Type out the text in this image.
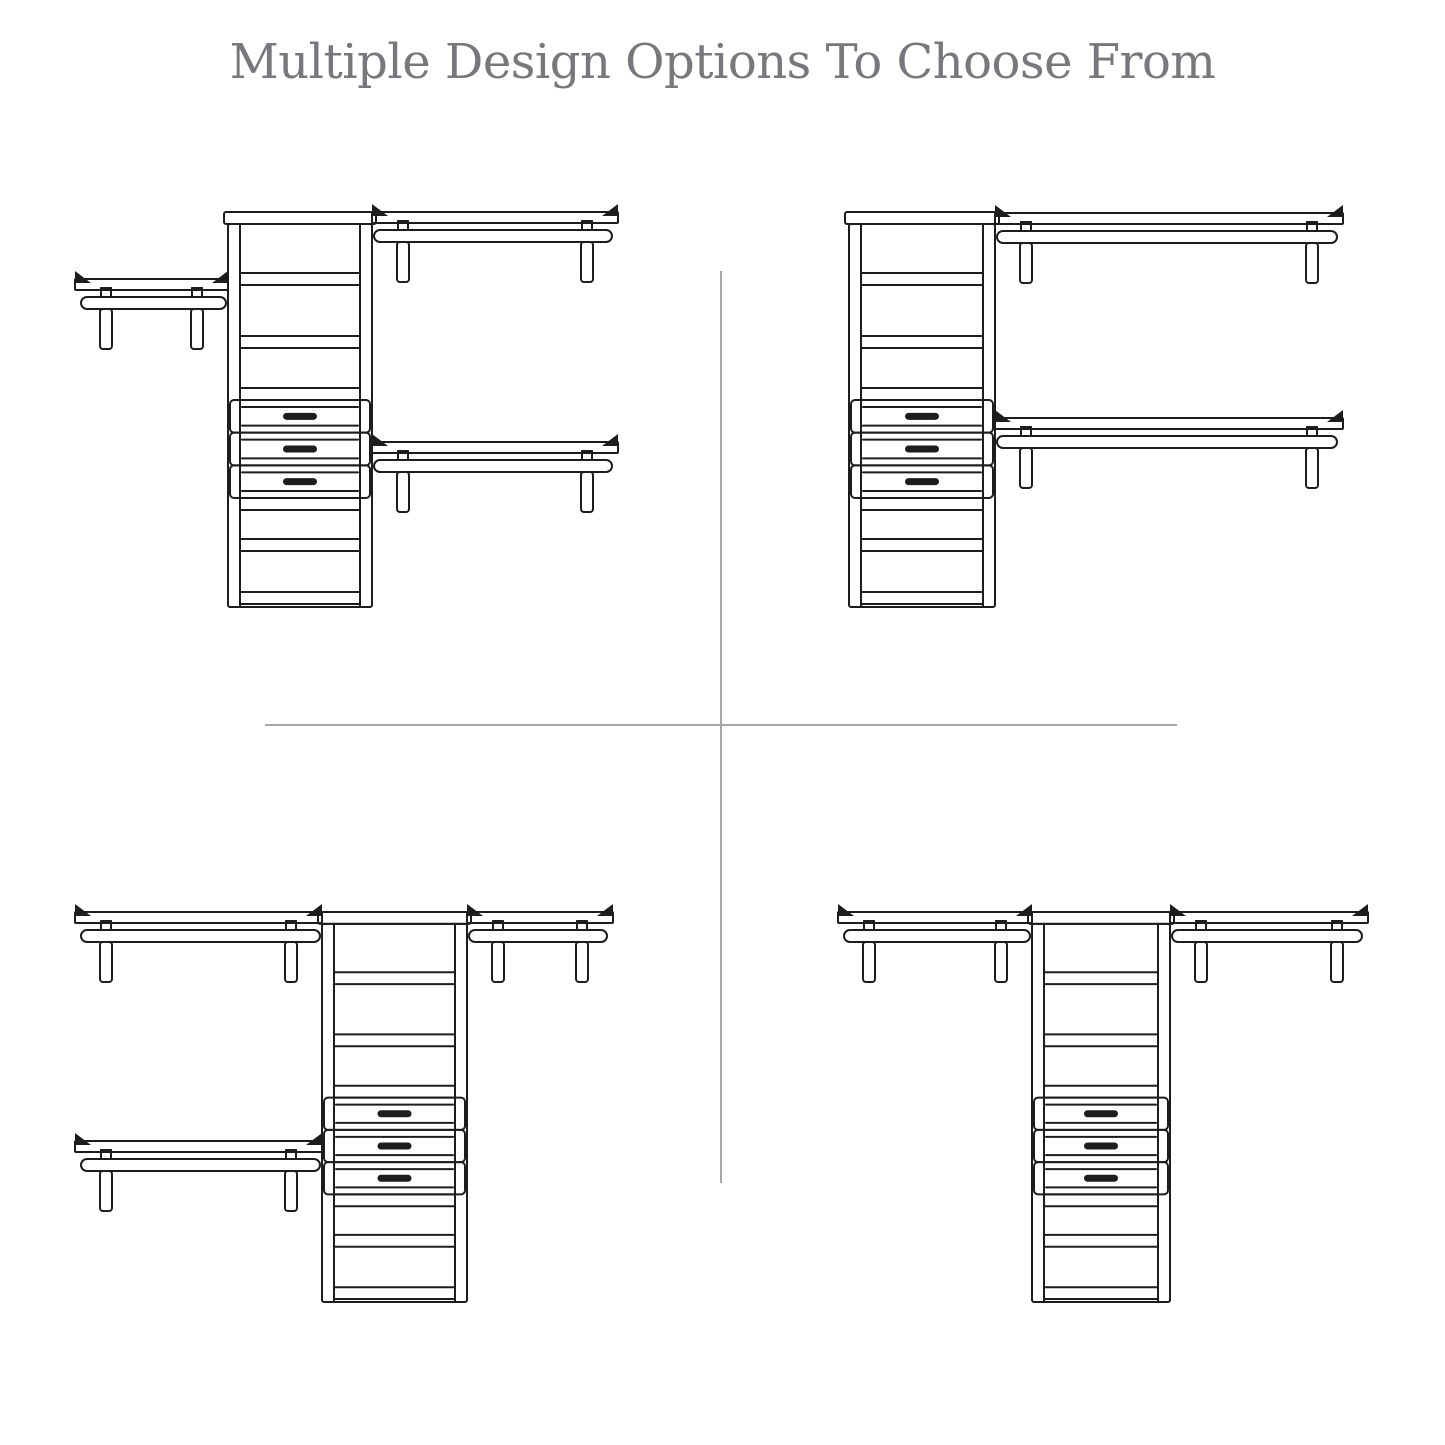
Multiple Design Options To Choose From
